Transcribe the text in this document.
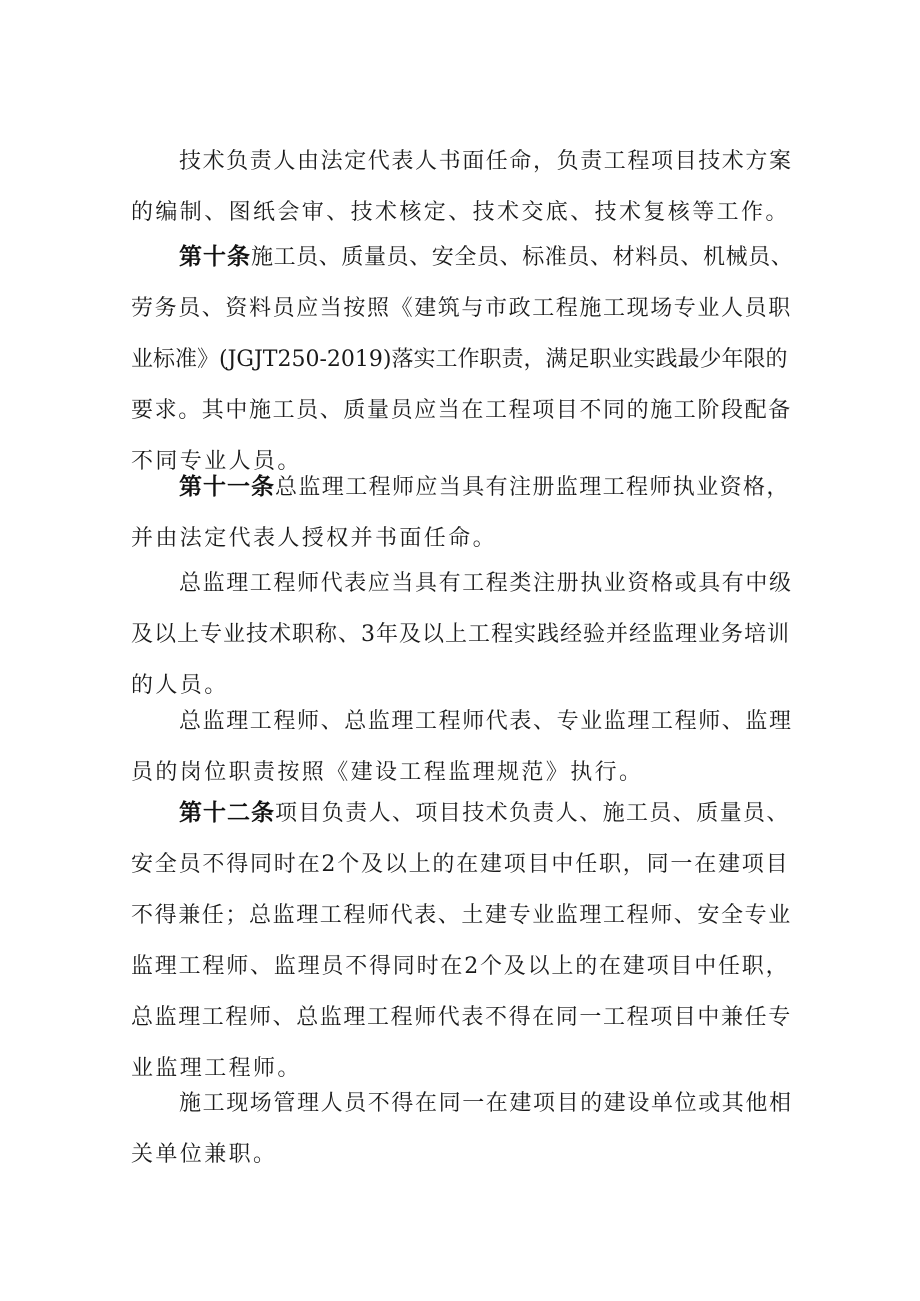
技术负责人由法定代表人书面任命，负责工程项目技术方案
的编制、图纸会审、技术核定、技术交底、技术复核等工作。
第十条施工员、质量员、安全员、标准员、材料员、机械员、
劳务员、资料员应当按照《建筑与市政工程施工现场专业人员职
业标准》(JGJT250-2019)落实工作职责，满足职业实践最少年限的
要求。其中施工员、质量员应当在工程项目不同的施工阶段配备
不同专业人员。
第十一条总监理工程师应当具有注册监理工程师执业资格，
并由法定代表人授权并书面任命。
总监理工程师代表应当具有工程类注册执业资格或具有中级
及以上专业技术职称、3年及以上工程实践经验并经监理业务培训
的人员。
总监理工程师、总监理工程师代表、专业监理工程师、监理
员的岗位职责按照《建设工程监理规范》执行。
第十二条项目负责人、项目技术负责人、施工员、质量员、
安全员不得同时在2个及以上的在建项目中任职，同一在建项目
不得兼任；总监理工程师代表、土建专业监理工程师、安全专业
监理工程师、监理员不得同时在2个及以上的在建项目中任职，
总监理工程师、总监理工程师代表不得在同一工程项目中兼任专
业监理工程师。
施工现场管理人员不得在同一在建项目的建设单位或其他相
关单位兼职。
